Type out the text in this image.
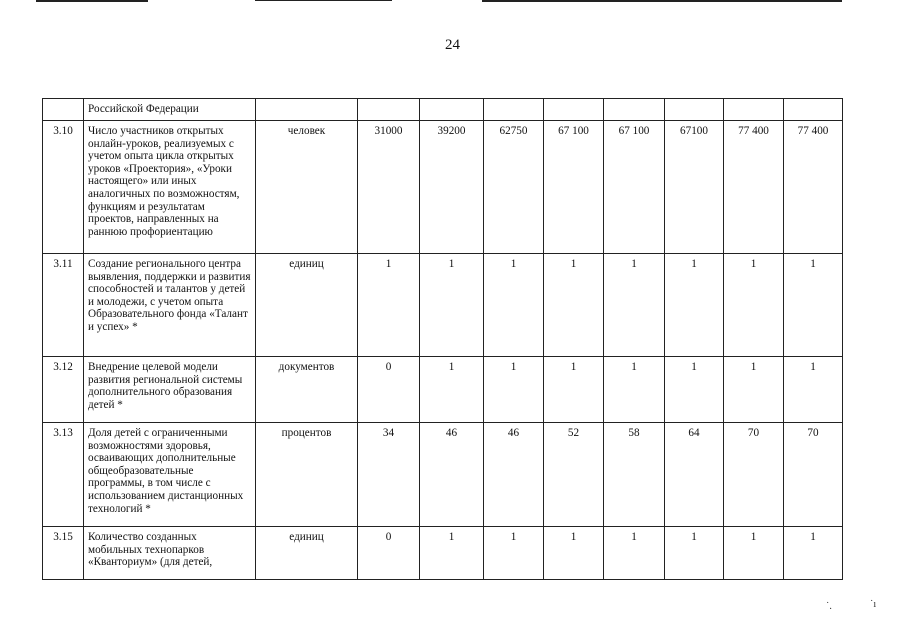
24
	Российской Федерации									
3.10	Число участников открытых онлайн-уроков, реализуемых с учетом опыта цикла открытых уроков «Проектория», «Уроки настоящего» или иных аналогичных по возможностям, функциям и результатам проектов, направленных на раннюю профориентацию	человек	31000	39200	62750	67 100	67 100	67100	77 400	77 400
3.11	Создание регионального центра выявления, поддержки и развития способностей и талантов у детей и молодежи, с учетом опыта Образовательного фонда «Талант и успех» *	единиц	1	1	1	1	1	1	1	1
3.12	Внедрение целевой модели развития региональной системы дополнительного образования детей *	документов	0	1	1	1	1	1	1	1
3.13	Доля детей с ограниченными возможностями здоровья, осваивающих дополнительные общеобразовательные программы, в том числе с использованием дистанционных технологий *	процентов	34	46	46	52	58	64	70	70
3.15	Количество созданных мобильных технопарков «Кванториум» (для детей,	единиц	0	1	1	1	1	1	1	1
˙.	˙ı
